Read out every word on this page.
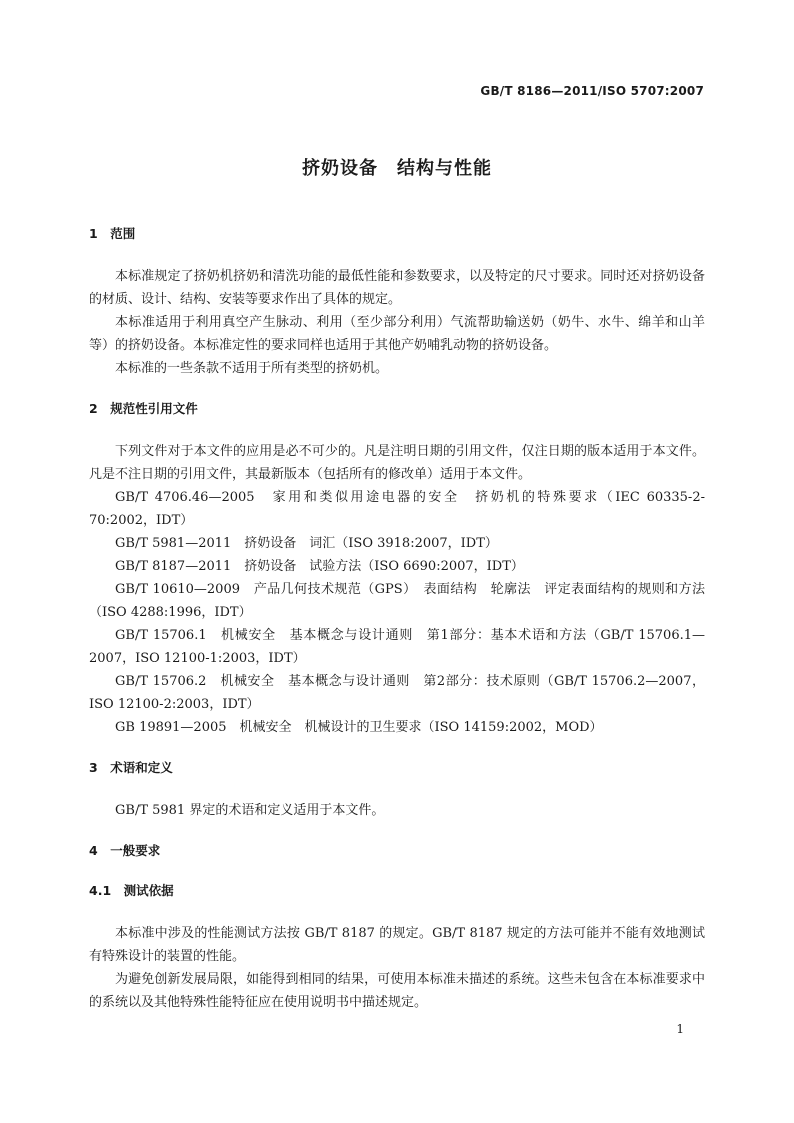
GB/T 8186—2011/ISO 5707:2007
挤奶设备　结构与性能
1　范围

本标准规定了挤奶机挤奶和清洗功能的最低性能和参数要求，以及特定的尺寸要求。同时还对挤奶设备的材质、设计、结构、安装等要求作出了具体的规定。

本标准适用于利用真空产生脉动、利用（至少部分利用）气流帮助输送奶（奶牛、水牛、绵羊和山羊等）的挤奶设备。本标准定性的要求同样也适用于其他产奶哺乳动物的挤奶设备。

本标准的一些条款不适用于所有类型的挤奶机。

2　规范性引用文件

下列文件对于本文件的应用是必不可少的。凡是注明日期的引用文件，仅注日期的版本适用于本文件。凡是不注日期的引用文件，其最新版本（包括所有的修改单）适用于本文件。

GB/T 4706.46—2005　家用和类似用途电器的安全　挤奶机的特殊要求（IEC 60335-2-70:2002，IDT）

GB/T 5981—2011　挤奶设备　词汇（ISO 3918:2007，IDT）

GB/T 8187—2011　挤奶设备　试验方法（ISO 6690:2007，IDT）

GB/T 10610—2009　产品几何技术规范（GPS）　表面结构　轮廓法　评定表面结构的规则和方法（ISO 4288:1996，IDT）

GB/T 15706.1　机械安全　基本概念与设计通则　第1部分：基本术语和方法（GB/T 15706.1—2007，ISO 12100-1:2003，IDT）

GB/T 15706.2　机械安全　基本概念与设计通则　第2部分：技术原则（GB/T 15706.2—2007，ISO 12100-2:2003，IDT）

GB 19891—2005　机械安全　机械设计的卫生要求（ISO 14159:2002，MOD）

3　术语和定义

GB/T 5981 界定的术语和定义适用于本文件。

4　一般要求
4.1　测试依据

本标准中涉及的性能测试方法按 GB/T 8187 的规定。GB/T 8187 规定的方法可能并不能有效地测试有特殊设计的装置的性能。

为避免创新发展局限，如能得到相同的结果，可使用本标准未描述的系统。这些未包含在本标准要求中的系统以及其他特殊性能特征应在使用说明书中描述规定。

1
